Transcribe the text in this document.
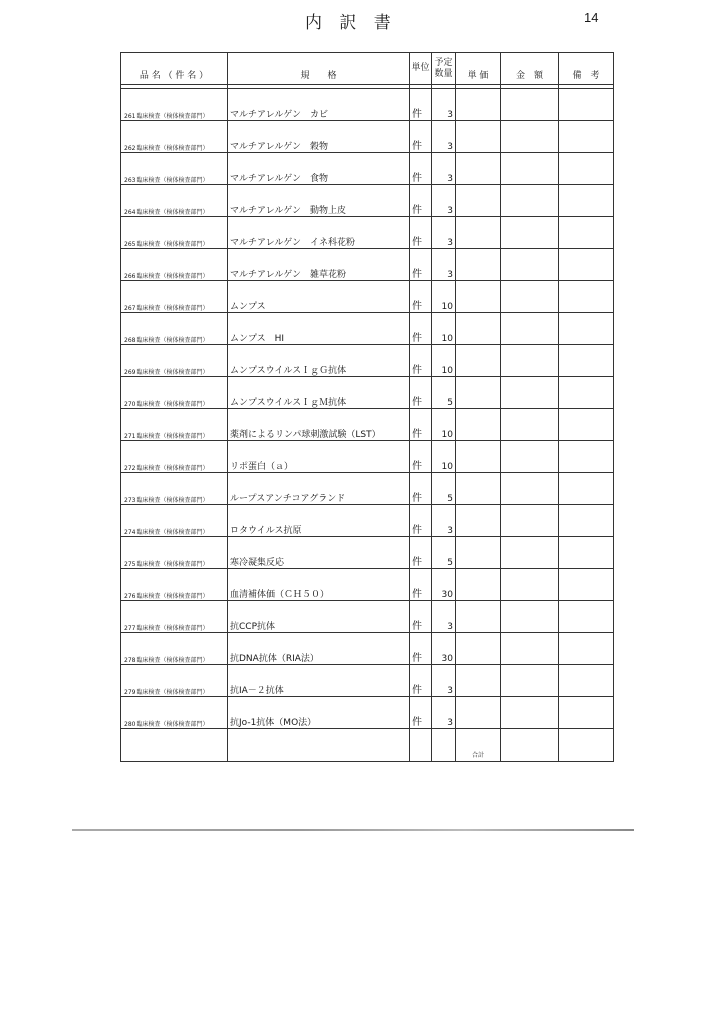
内 訳 書	14
品 名 （ 件 名 ）		規　　格	単位	予定数量	単 価	金　額	備　考

261	臨床検査（検体検査部門）	マルチアレルゲン　カビ	件	3			
262	臨床検査（検体検査部門）	マルチアレルゲン　穀物	件	3			
263	臨床検査（検体検査部門）	マルチアレルゲン　食物	件	3			
264	臨床検査（検体検査部門）	マルチアレルゲン　動物上皮	件	3			
265	臨床検査（検体検査部門）	マルチアレルゲン　イネ科花粉	件	3			
266	臨床検査（検体検査部門）	マルチアレルゲン　雑草花粉	件	3			
267	臨床検査（検体検査部門）	ムンプス	件	10			
268	臨床検査（検体検査部門）	ムンプス　HI	件	10			
269	臨床検査（検体検査部門）	ムンプスウイルスＩｇＧ抗体	件	10			
270	臨床検査（検体検査部門）	ムンプスウイルスＩｇＭ抗体	件	5			
271	臨床検査（検体検査部門）	薬剤によるリンパ球刺激試験（LST）	件	10			
272	臨床検査（検体検査部門）	リポ蛋白（ａ）	件	10			
273	臨床検査（検体検査部門）	ループスアンチコアグランド	件	5			
274	臨床検査（検体検査部門）	ロタウイルス抗原	件	3			
275	臨床検査（検体検査部門）	寒冷凝集反応	件	5			
276	臨床検査（検体検査部門）	血清補体価（ＣＨ５０）	件	30			
277	臨床検査（検体検査部門）	抗CCP抗体	件	3			
278	臨床検査（検体検査部門）	抗DNA抗体（RIA法）	件	30			
279	臨床検査（検体検査部門）	抗IA－２抗体	件	3			
280	臨床検査（検体検査部門）	抗Jo-1抗体（MO法）	件	3			
					合計		
